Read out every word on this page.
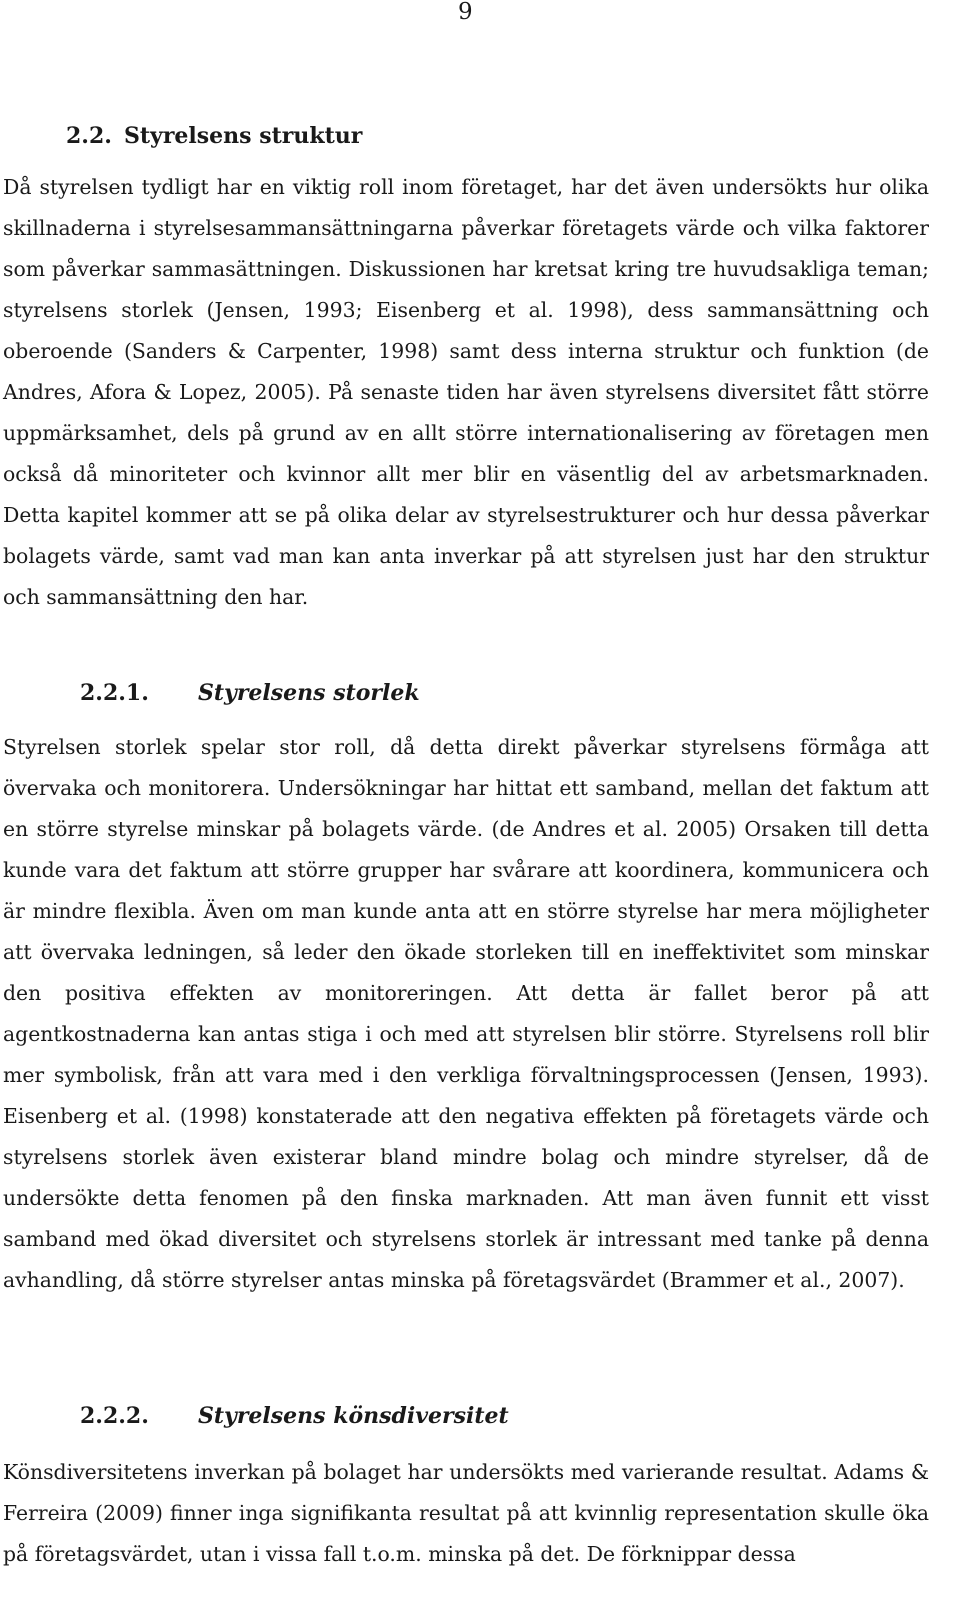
9
2.2. Styrelsens struktur

Då styrelsen tydligt har en viktig roll inom företaget, har det även undersökts hur olika skillnaderna i styrelsesammansättningarna påverkar företagets värde och vilka faktorer som påverkar sammasättningen. Diskussionen har kretsat kring tre huvudsakliga teman; styrelsens storlek (Jensen, 1993; Eisenberg et al. 1998), dess sammansättning och oberoende (Sanders & Carpenter, 1998) samt dess interna struktur och funktion (de Andres, Afora & Lopez, 2005). På senaste tiden har även styrelsens diversitet fått större uppmärksamhet, dels på grund av en allt större internationalisering av företagen men också då minoriteter och kvinnor allt mer blir en väsentlig del av arbetsmarknaden. Detta kapitel kommer att se på olika delar av styrelsestrukturer och hur dessa påverkar bolagets värde, samt vad man kan anta inverkar på att styrelsen just har den struktur och sammansättning den har.

2.2.1. Styrelsens storlek

Styrelsen storlek spelar stor roll, då detta direkt påverkar styrelsens förmåga att övervaka och monitorera. Undersökningar har hittat ett samband, mellan det faktum att en större styrelse minskar på bolagets värde. (de Andres et al. 2005) Orsaken till detta kunde vara det faktum att större grupper har svårare att koordinera, kommunicera och är mindre flexibla. Även om man kunde anta att en större styrelse har mera möjligheter att övervaka ledningen, så leder den ökade storleken till en ineffektivitet som minskar den positiva effekten av monitoreringen. Att detta är fallet beror på att agentkostnaderna kan antas stiga i och med att styrelsen blir större. Styrelsens roll blir mer symbolisk, från att vara med i den verkliga förvaltningsprocessen (Jensen, 1993). Eisenberg et al. (1998) konstaterade att den negativa effekten på företagets värde och styrelsens storlek även existerar bland mindre bolag och mindre styrelser, då de undersökte detta fenomen på den finska marknaden. Att man även funnit ett visst samband med ökad diversitet och styrelsens storlek är intressant med tanke på denna avhandling, då större styrelser antas minska på företagsvärdet (Brammer et al., 2007).

2.2.2. Styrelsens könsdiversitet

Könsdiversitetens inverkan på bolaget har undersökts med varierande resultat. Adams & Ferreira (2009) finner inga signifikanta resultat på att kvinnlig representation skulle öka på företagsvärdet, utan i vissa fall t.o.m. minska på det. De förknippar dessa
